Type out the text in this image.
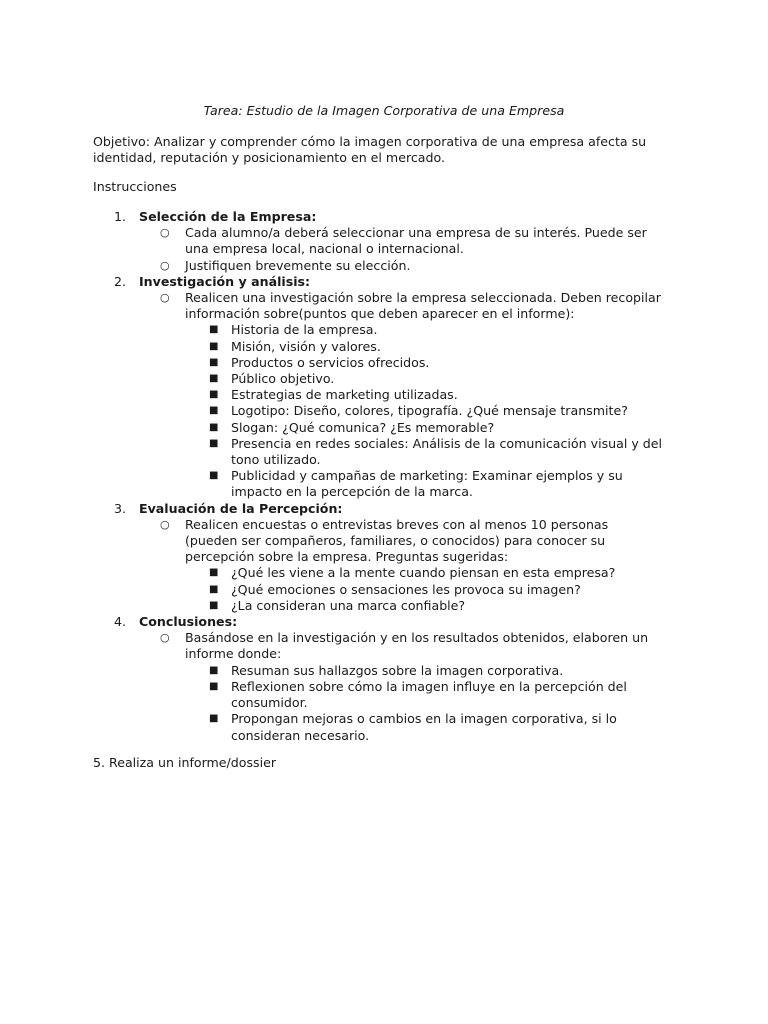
Tarea: Estudio de la Imagen Corporativa de una Empresa
Objetivo: Analizar y comprender cómo la imagen corporativa de una empresa afecta su identidad, reputación y posicionamiento en el mercado.
Instrucciones
1. Selección de la Empresa:
○ Cada alumno/a deberá seleccionar una empresa de su interés. Puede ser una empresa local, nacional o internacional.
○ Justifiquen brevemente su elección.
2. Investigación y análisis:
○ Realicen una investigación sobre la empresa seleccionada. Deben recopilar información sobre(puntos que deben aparecer en el informe):
■ Historia de la empresa.
■ Misión, visión y valores.
■ Productos o servicios ofrecidos.
■ Público objetivo.
■ Estrategias de marketing utilizadas.
■ Logotipo: Diseño, colores, tipografía. ¿Qué mensaje transmite?
■ Slogan: ¿Qué comunica? ¿Es memorable?
■ Presencia en redes sociales: Análisis de la comunicación visual y del tono utilizado.
■ Publicidad y campañas de marketing: Examinar ejemplos y su impacto en la percepción de la marca.
3. Evaluación de la Percepción:
○ Realicen encuestas o entrevistas breves con al menos 10 personas (pueden ser compañeros, familiares, o conocidos) para conocer su percepción sobre la empresa. Preguntas sugeridas:
■ ¿Qué les viene a la mente cuando piensan en esta empresa?
■ ¿Qué emociones o sensaciones les provoca su imagen?
■ ¿La consideran una marca confiable?
4. Conclusiones:
○ Basándose en la investigación y en los resultados obtenidos, elaboren un informe donde:
■ Resuman sus hallazgos sobre la imagen corporativa.
■ Reflexionen sobre cómo la imagen influye en la percepción del consumidor.
■ Propongan mejoras o cambios en la imagen corporativa, si lo consideran necesario.
5. Realiza un informe/dossier
